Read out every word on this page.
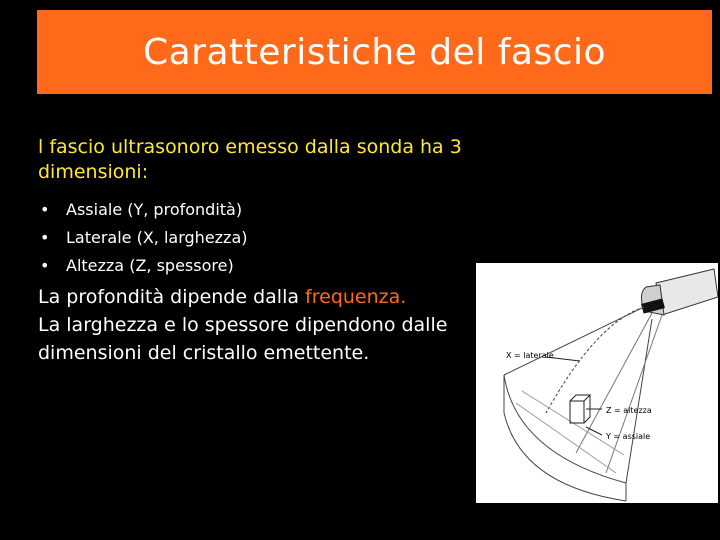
Caratteristiche del fascio
l fascio ultrasonoro emesso dalla sonda ha 3 dimensioni:
•	Assiale (Y, profondità)
•	Laterale (X, larghezza)
•	Altezza (Z, spessore)
La profondità dipende dalla frequenza.
La larghezza e lo spessore dipendono dalle dimensioni del cristallo emettente.	X = laterale
Z = altezza
Y = assiale
